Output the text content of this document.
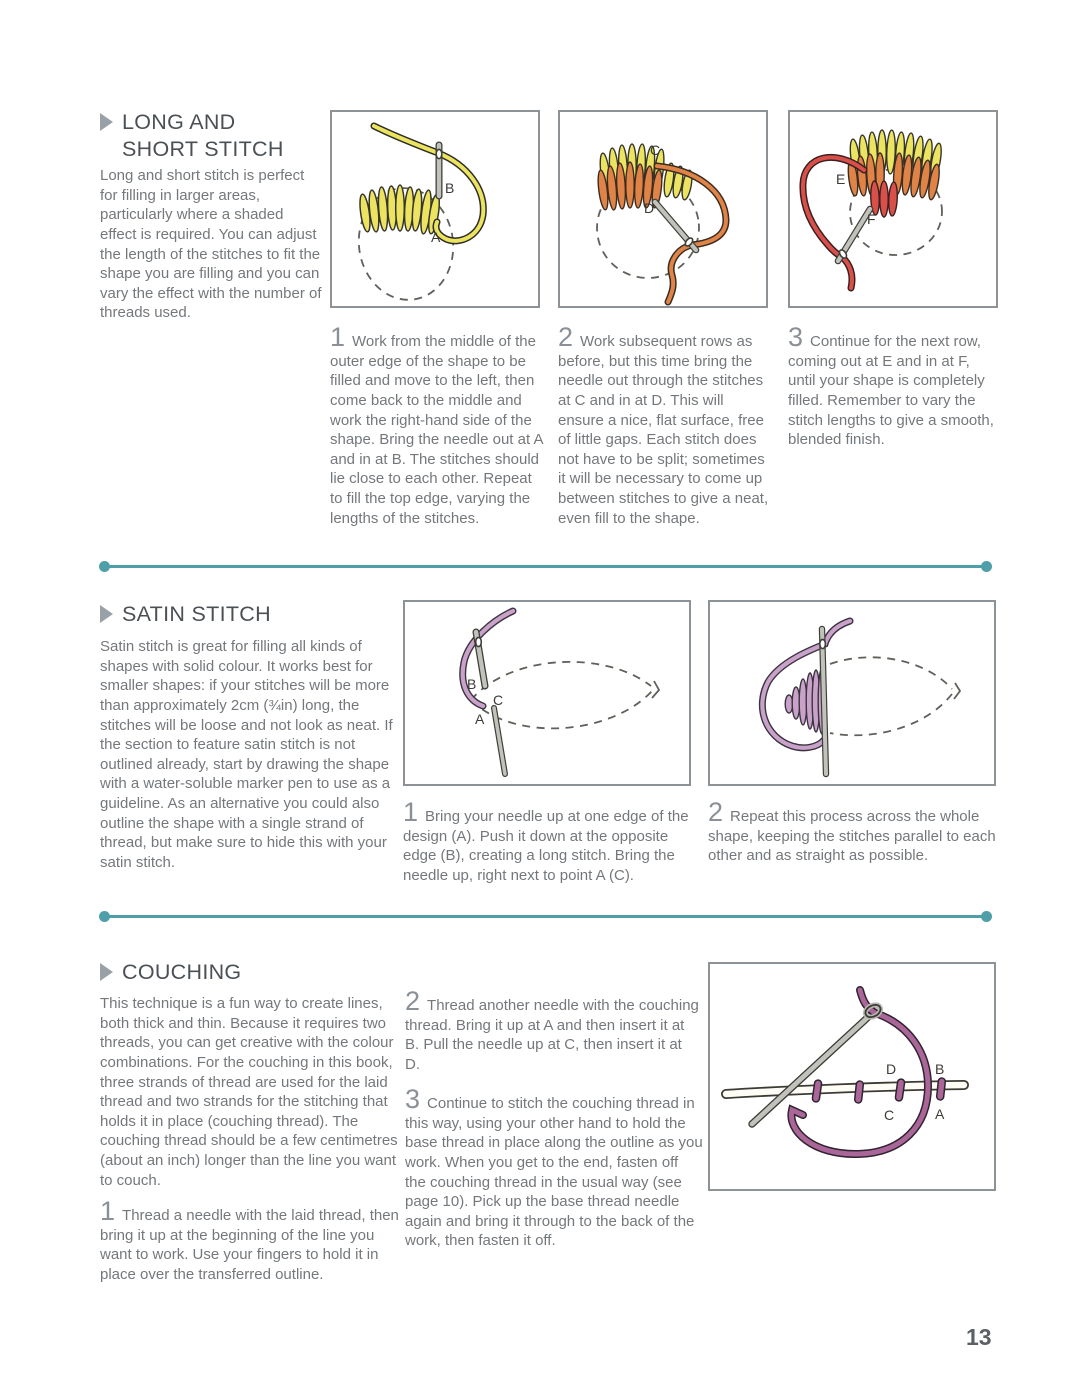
LONG AND SHORT STITCH

Long and short stitch is perfect for filling in larger areas, particularly where a shaded effect is required. You can adjust the length of the stitches to fit the shape you are filling and you can vary the effect with the number of threads used.

B
A
C
D
E
F

1 Work from the middle of the outer edge of the shape to be filled and move to the left, then come back to the middle and work the right-hand side of the shape. Bring the needle out at A and in at B. The stitches should lie close to each other. Repeat to fill the top edge, varying the lengths of the stitches.

2 Work subsequent rows as before, but this time bring the needle out through the stitches at C and in at D. This will ensure a nice, flat surface, free of little gaps. Each stitch does not have to be split; sometimes it will be necessary to come up between stitches to give a neat, even fill to the shape.

3 Continue for the next row, coming out at E and in at F, until your shape is completely filled. Remember to vary the stitch lengths to give a smooth, blended finish.

SATIN STITCH

Satin stitch is great for filling all kinds of shapes with solid colour. It works best for smaller shapes: if your stitches will be more than approximately 2cm (¾in) long, the stitches will be loose and not look as neat. If the section to feature satin stitch is not outlined already, start by drawing the shape with a water-soluble marker pen to use as a guideline. As an alternative you could also outline the shape with a single strand of thread, but make sure to hide this with your satin stitch.

B
C
A

1 Bring your needle up at one edge of the design (A). Push it down at the opposite edge (B), creating a long stitch. Bring the needle up, right next to point A (C).

2 Repeat this process across the whole shape, keeping the stitches parallel to each other and as straight as possible.

COUCHING

This technique is a fun way to create lines, both thick and thin. Because it requires two threads, you can get creative with the colour combinations. For the couching in this book, three strands of thread are used for the laid thread and two strands for the stitching that holds it in place (couching thread). The couching thread should be a few centimetres (about an inch) longer than the line you want to couch.

1 Thread a needle with the laid thread, then bring it up at the beginning of the line you want to work. Use your fingers to hold it in place over the transferred outline.

2 Thread another needle with the couching thread. Bring it up at A and then insert it at B. Pull the needle up at C, then insert it at D.

3 Continue to stitch the couching thread in this way, using your other hand to hold the base thread in place along the outline as you work. When you get to the end, fasten off the couching thread in the usual way (see page 10). Pick up the base thread needle again and bring it through to the back of the work, then fasten it off.

D	B
C	A
13
